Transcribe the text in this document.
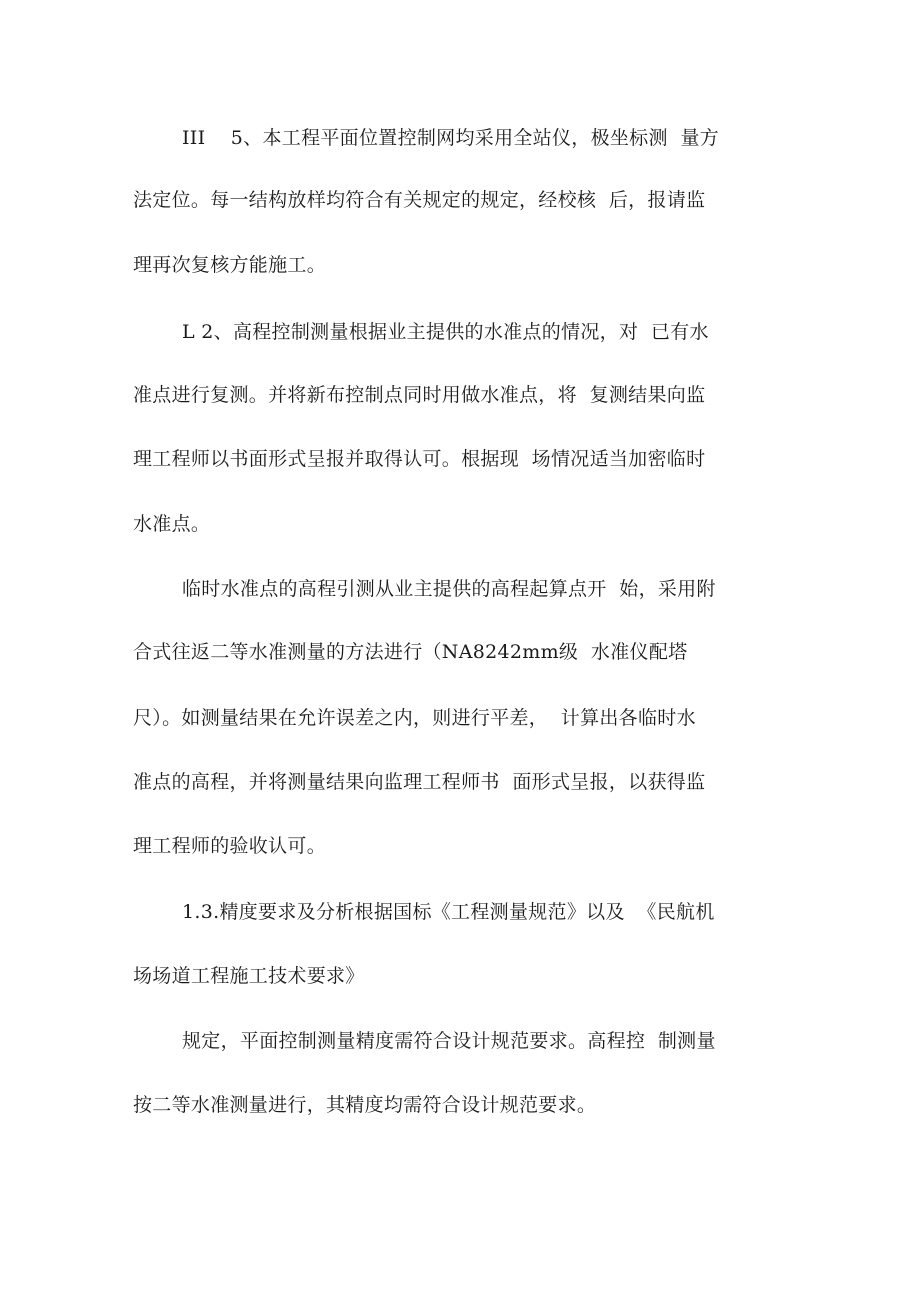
III    5、本工程平面位置控制网均采用全站仪，极坐标测  量方
法定位。每一结构放样均符合有关规定的规定，经校核  后，报请监
理再次复核方能施工。
L 2、高程控制测量根据业主提供的水准点的情况，对  已有水
准点进行复测。并将新布控制点同时用做水准点，将  复测结果向监
理工程师以书面形式呈报并取得认可。根据现  场情况适当加密临时
水准点。
临时水准点的高程引测从业主提供的高程起算点开  始，采用附
合式往返二等水准测量的方法进行（NA8242mm级  水准仪配塔
尺）。如测量结果在允许误差之内，则进行平差，  计算出各临时水
准点的高程，并将测量结果向监理工程师书  面形式呈报，以获得监
理工程师的验收认可。
1.3.精度要求及分析根据国标《工程测量规范》以及  《民航机
场场道工程施工技术要求》
规定，平面控制测量精度需符合设计规范要求。高程控  制测量
按二等水准测量进行，其精度均需符合设计规范要求。
